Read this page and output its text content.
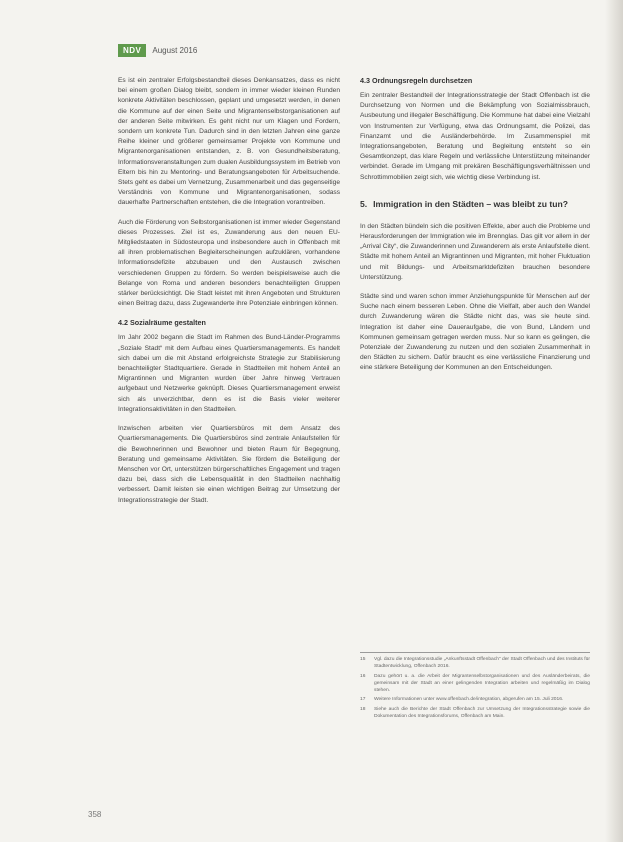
NDV	August 2016

Es ist ein zentraler Erfolgsbestandteil dieses Denkansatzes, dass es nicht bei einem großen Dialog bleibt, sondern in immer wieder kleinen Runden konkrete Aktivitäten beschlossen, geplant und umgesetzt werden, in denen die Kommune auf der einen Seite und Migrantenselbstorganisationen auf der anderen Seite mitwirken. Es geht nicht nur um Klagen und Fordern, sondern um konkrete Tun. Dadurch sind in den letzten Jahren eine ganze Reihe kleiner und größerer gemeinsamer Projekte von Kommune und Migrantenorganisationen entstanden, z. B. von Gesundheitsberatung, Informationsveranstaltungen zum dualen Ausbildungssystem im Betrieb von Eltern bis hin zu Mentoring- und Beratungsangeboten für Arbeitsuchende. Stets geht es dabei um Vernetzung, Zusammenarbeit und das gegenseitige Verständnis von Kommune und Migrantenorganisationen, sodass dauerhafte Partnerschaften entstehen, die die Integration vorantreiben.

Auch die Förderung von Selbstorganisationen ist immer wieder Gegenstand dieses Prozesses. Ziel ist es, Zuwanderung aus den neuen EU-Mitgliedstaaten in Südosteuropa und insbesondere auch in Offenbach mit all ihren problematischen Begleiterscheinungen aufzuklären, vorhandene Informationsdefizite abzubauen und den Austausch zwischen verschiedenen Gruppen zu fördern. So werden beispielsweise auch die Belange von Roma und anderen besonders benachteiligten Gruppen stärker berücksichtigt. Die Stadt leistet mit ihren Angeboten und Strukturen einen Beitrag dazu, dass Zugewanderte ihre Potenziale einbringen können.

4.2 Sozialräume gestalten

Im Jahr 2002 begann die Stadt im Rahmen des Bund-Länder-Programms „Soziale Stadt“ mit dem Aufbau eines Quartiersmanagements. Es handelt sich dabei um die mit Abstand erfolgreichste Strategie zur Stabilisierung benachteiligter Stadtquartiere. Gerade in Stadtteilen mit hohem Anteil an Migrantinnen und Migranten wurden über Jahre hinweg Vertrauen aufgebaut und Netzwerke geknüpft. Dieses Quartiersmanagement erweist sich als unverzichtbar, denn es ist die Basis vieler weiterer Integrationsaktivitäten in den Stadtteilen.

Inzwischen arbeiten vier Quartiersbüros mit dem Ansatz des Quartiersmanagements. Die Quartiersbüros sind zentrale Anlaufstellen für die Bewohnerinnen und Bewohner und bieten Raum für Begegnung, Beratung und gemeinsame Aktivitäten. Sie fördern die Beteiligung der Menschen vor Ort, unterstützen bürgerschaftliches Engagement und tragen dazu bei, dass sich die Lebensqualität in den Stadtteilen nachhaltig verbessert. Damit leisten sie einen wichtigen Beitrag zur Umsetzung der Integrationsstrategie der Stadt.

4.3 Ordnungsregeln durchsetzen

Ein zentraler Bestandteil der Integrationsstrategie der Stadt Offenbach ist die Durchsetzung von Normen und die Bekämpfung von Sozialmissbrauch, Ausbeutung und illegaler Beschäftigung. Die Kommune hat dabei eine Vielzahl von Instrumenten zur Verfügung, etwa das Ordnungsamt, die Polizei, das Finanzamt und die Ausländerbehörde. Im Zusammenspiel mit Integrationsangeboten, Beratung und Begleitung entsteht so ein Gesamtkonzept, das klare Regeln und verlässliche Unterstützung miteinander verbindet. Gerade im Umgang mit prekären Beschäftigungsverhältnissen und Schrottimmobilien zeigt sich, wie wichtig diese Verbindung ist.

5. Immigration in den Städten – was bleibt zu tun?

In den Städten bündeln sich die positiven Effekte, aber auch die Probleme und Herausforderungen der Immigration wie im Brennglas. Das gilt vor allem in der „Arrival City“, die Zuwanderinnen und Zuwanderern als erste Anlaufstelle dient. Städte mit hohem Anteil an Migrantinnen und Migranten, mit hoher Fluktuation und mit Bildungs- und Arbeitsmarktdefiziten brauchen besondere Unterstützung.

Städte sind und waren schon immer Anziehungspunkte für Menschen auf der Suche nach einem besseren Leben. Ohne die Vielfalt, aber auch den Wandel durch Zuwanderung wären die Städte nicht das, was sie heute sind. Integration ist daher eine Daueraufgabe, die von Bund, Ländern und Kommunen gemeinsam getragen werden muss. Nur so kann es gelingen, die Potenziale der Zuwanderung zu nutzen und den sozialen Zusammenhalt in den Städten zu sichern. Dafür braucht es eine verlässliche Finanzierung und eine stärkere Beteiligung der Kommunen an den Entscheidungen.

15	Vgl. dazu die Integrationsstudie „Ankunftsstadt Offenbach“ der Stadt Offenbach und des Instituts für Stadtentwicklung, Offenbach 2016.
16	Dazu gehört u. a. die Arbeit der Migrantenselbstorganisationen und des Ausländerbeirats, die gemeinsam mit der Stadt an einer gelingenden Integration arbeiten und regelmäßig im Dialog stehen.
17	Weitere Informationen unter www.offenbach.de/integration, abgerufen am 15. Juli 2016.
18	Siehe auch die Berichte der Stadt Offenbach zur Umsetzung der Integrationsstrategie sowie die Dokumentation des Integrationsforums, Offenbach am Main.
358
